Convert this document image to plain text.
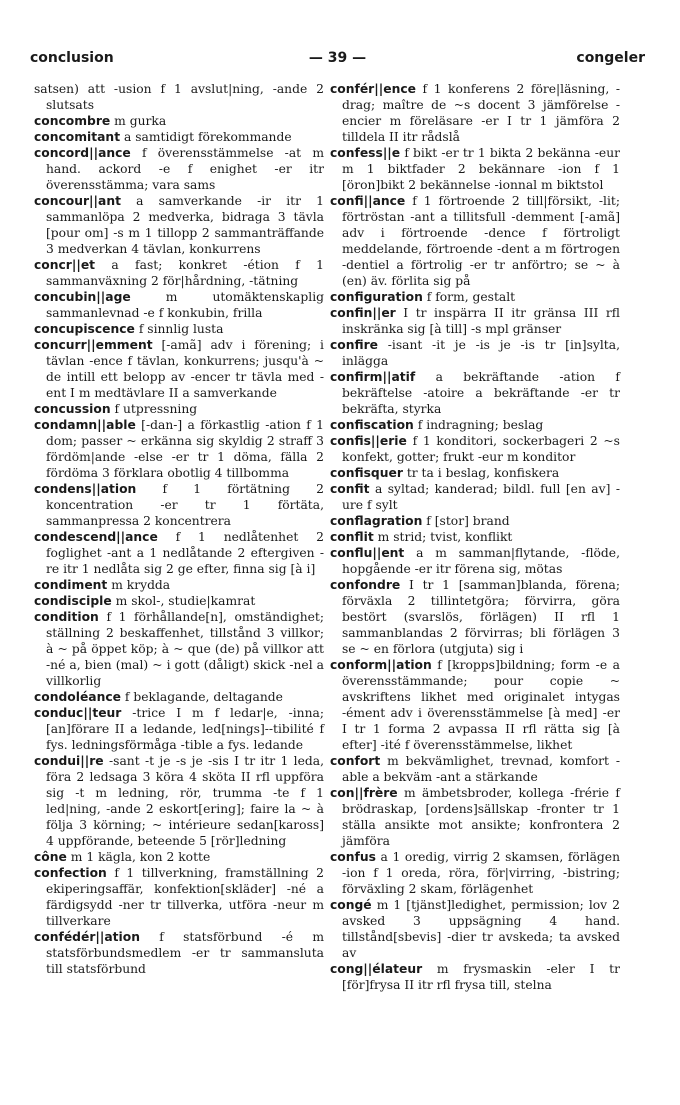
conclusion	— 39 —	congeler

satsen) att -usion f 1 avslut|ning, -ande 2 slutsats

concombre m gurka

concomitant a samtidigt förekommande

concord||ance f överensstämmelse -at m hand. ackord -e f enighet -er itr överensstämma; vara sams

concour||ant a samverkande -ir itr 1 sammanlöpa 2 medverka, bidraga 3 tävla [pour om] -s m 1 tillopp 2 sammanträffande 3 medverkan 4 tävlan, konkurrens

concr||et a fast; konkret -étion f 1 sammanväxning 2 för|hårdning, -tätning

concubin||age	m utomäktenskaplig sammanlevnad -e f konkubin, frilla

concupiscence f sinnlig lusta

concurr||emment [-amã] adv i förening; i tävlan -ence f tävlan, konkurrens; jusqu'à ~ de intill ett belopp av -encer tr tävla med -ent I m medtävlare II a samverkande

concussion f utpressning

condamn||able [-dan-] a förkastlig -ation f 1 dom; passer ~ erkänna sig skyldig 2 straff 3 fördöm|ande -else -er tr 1 döma, fälla 2 fördöma 3 förklara obotlig 4 tillbomma

condens||ation f 1 förtätning 2 koncentration -er tr 1 förtäta, sammanpressa 2 koncentrera

condescend||ance f 1 nedlåtenhet 2 foglighet -ant a 1 nedlåtande 2 eftergiven -re itr 1 nedlåta sig 2 ge efter, finna sig [à i]

condiment m krydda

condisciple m skol-, studie|kamrat

condition f 1 förhållande[n], omständighet; ställning 2 beskaffenhet, tillstånd 3 villkor; à ~ på öppet köp; à ~ que (de) på villkor att -né a, bien (mal) ~ i gott (dåligt) skick -nel a villkorlig

condoléance f beklagande, deltagande

conduc||teur -trice I m f ledar|e, -inna; [an]förare II a ledande, led[nings]--tibilité f fys. ledningsförmåga -tible a fys. ledande

condui||re -sant -t je -s je -sis I tr itr 1 leda, föra 2 ledsaga 3 köra 4 sköta II rfl uppföra sig -t m ledning, rör, trumma -te f 1 led|ning, -ande 2 eskort[ering]; faire la ~ à följa 3 körning; ~ intérieure sedan[kaross] 4 uppförande, beteende 5 [rör]ledning

cône m 1 kägla, kon 2 kotte

confection f 1 tillverkning, framställning 2 ekiperingsaffär, konfektion[skläder] -né a färdigsydd -ner tr tillverka, utföra -neur m tillverkare

confédér||ation f statsförbund -é m statsförbundsmedlem -er tr sammansluta till statsförbund

confér||ence f 1 konferens 2 före|läsning, -drag; maître de ~s docent 3 jämförelse -encier m föreläsare -er I tr 1 jämföra 2 tilldela II itr rådslå

confess||e f bikt -er tr 1 bikta 2 bekänna -eur m 1 biktfader 2 bekännare -ion f 1 [öron]bikt 2 bekännelse -ionnal m biktstol

confi||ance f 1 förtroende 2 till|försikt, -lit; förtröstan -ant a tillitsfull -demment [-amã] adv i förtroende -dence f förtroligt meddelande, förtroende -dent a m förtrogen -dentiel a förtrolig -er tr anförtro; se ~ à (en) äv. förlita sig på

configuration f form, gestalt

confin||er I tr inspärra II itr gränsa III rfl inskränka sig [à till] -s mpl gränser

confire -isant -it je -is je -is tr [in]sylta, inlägga

confirm||atif a bekräftande -ation f bekräftelse -atoire a bekräftande -er tr bekräfta, styrka

confiscation f indragning; beslag

confis||erie f 1 konditori, sockerbageri 2 ~s konfekt, gotter; frukt -eur m konditor

confisquer tr ta i beslag, konfiskera

confit a syltad; kanderad; bildl. full [en av] -ure f sylt

conflagration f [stor] brand

conflit m strid; tvist, konflikt

conflu||ent a m samman|flytande, -flöde, hopgående -er itr förena sig, mötas

confondre I tr 1 [samman]blanda, förena; förväxla 2 tillintetgöra; förvirra, göra bestört (svarslös, förlägen) II rfl 1 sammanblandas 2 förvirras; bli förlägen 3 se ~ en förlora (utgjuta) sig i

conform||ation f [kropps]bildning; form -e a överensstämmande; pour copie ~ avskriftens likhet med originalet intygas -ément adv i överensstämmelse [à med] -er I tr 1 forma 2 avpassa II rfl rätta sig [à efter] -ité f överensstämmelse, likhet

confort m bekvämlighet, trevnad, komfort -able a bekväm -ant a stärkande

con||frère m ämbetsbroder, kollega -frérie f brödraskap, [ordens]sällskap -fronter tr 1 ställa ansikte mot ansikte; konfrontera 2 jämföra

confus a 1 oredig, virrig 2 skamsen, förlägen -ion f 1 oreda, röra, för|virring, -bistring; förväxling 2 skam, förlägenhet

congé m 1 [tjänst]ledighet, permission; lov 2 avsked 3 uppsägning 4 hand. tillstånd[sbevis] -dier tr avskeda; ta avsked av

cong||élateur m frysmaskin -eler I tr [för]frysa II itr rfl frysa till, stelna
